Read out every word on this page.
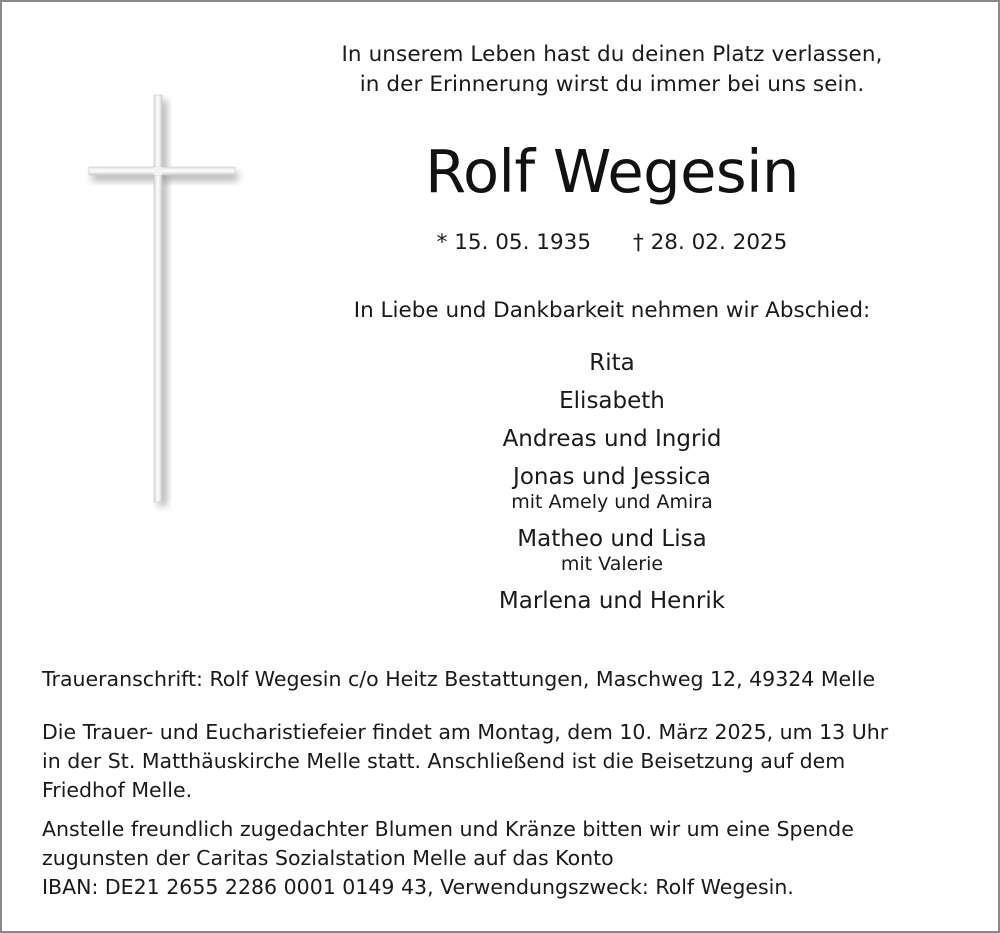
In unserem Leben hast du deinen Platz verlassen,
in der Erinnerung wirst du immer bei uns sein.
Rolf Wegesin
* 15. 05. 1935 † 28. 02. 2025
In Liebe und Dankbarkeit nehmen wir Abschied:
Rita
Elisabeth
Andreas und Ingrid
Jonas und Jessica
mit Amely und Amira
Matheo und Lisa
mit Valerie
Marlena und Henrik
Traueranschrift: Rolf Wegesin c/o Heitz Bestattungen, Maschweg 12, 49324 Melle
Die Trauer- und Eucharistiefeier findet am Montag, dem 10. März 2025, um 13 Uhr
in der St. Matthäuskirche Melle statt. Anschließend ist die Beisetzung auf dem
Friedhof Melle.
Anstelle freundlich zugedachter Blumen und Kränze bitten wir um eine Spende
zugunsten der Caritas Sozialstation Melle auf das Konto
IBAN: DE21 2655 2286 0001 0149 43, Verwendungszweck: Rolf Wegesin.
